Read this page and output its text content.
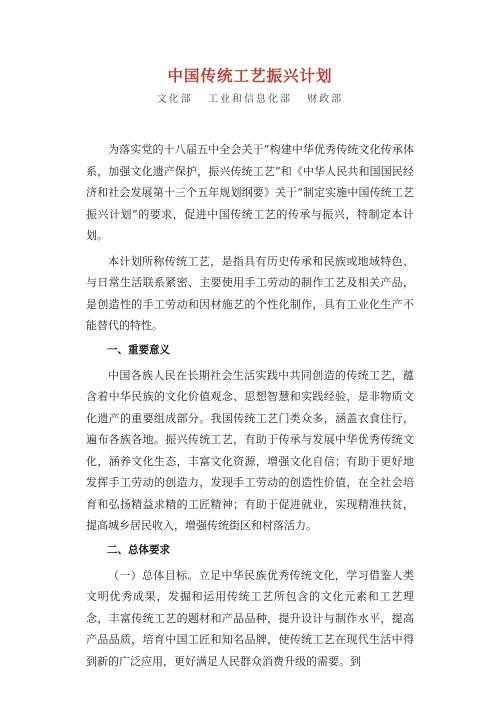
中国传统工艺振兴计划
文化部 工业和信息化部 财政部

为落实党的十八届五中全会关于“构建中华优秀传统文化传承体系，加强文化遗产保护，振兴传统工艺”和《中华人民共和国国民经济和社会发展第十三个五年规划纲要》关于“制定实施中国传统工艺振兴计划”的要求，促进中国传统工艺的传承与振兴，特制定本计划。

本计划所称传统工艺，是指具有历史传承和民族或地域特色、与日常生活联系紧密、主要使用手工劳动的制作工艺及相关产品，是创造性的手工劳动和因材施艺的个性化制作，具有工业化生产不能替代的特性。

一、重要意义

中国各族人民在长期社会生活实践中共同创造的传统工艺，蕴含着中华民族的文化价值观念、思想智慧和实践经验，是非物质文化遗产的重要组成部分。我国传统工艺门类众多，涵盖衣食住行，遍布各族各地。振兴传统工艺，有助于传承与发展中华优秀传统文化，涵养文化生态，丰富文化资源，增强文化自信；有助于更好地发挥手工劳动的创造力，发现手工劳动的创造性价值，在全社会培育和弘扬精益求精的工匠精神；有助于促进就业，实现精准扶贫，提高城乡居民收入，增强传统街区和村落活力。

二、总体要求

（一）总体目标。立足中华民族优秀传统文化，学习借鉴人类文明优秀成果，发掘和运用传统工艺所包含的文化元素和工艺理念，丰富传统工艺的题材和产品品种，提升设计与制作水平，提高产品品质，培育中国工匠和知名品牌，使传统工艺在现代生活中得到新的广泛应用，更好满足人民群众消费升级的需要。到
